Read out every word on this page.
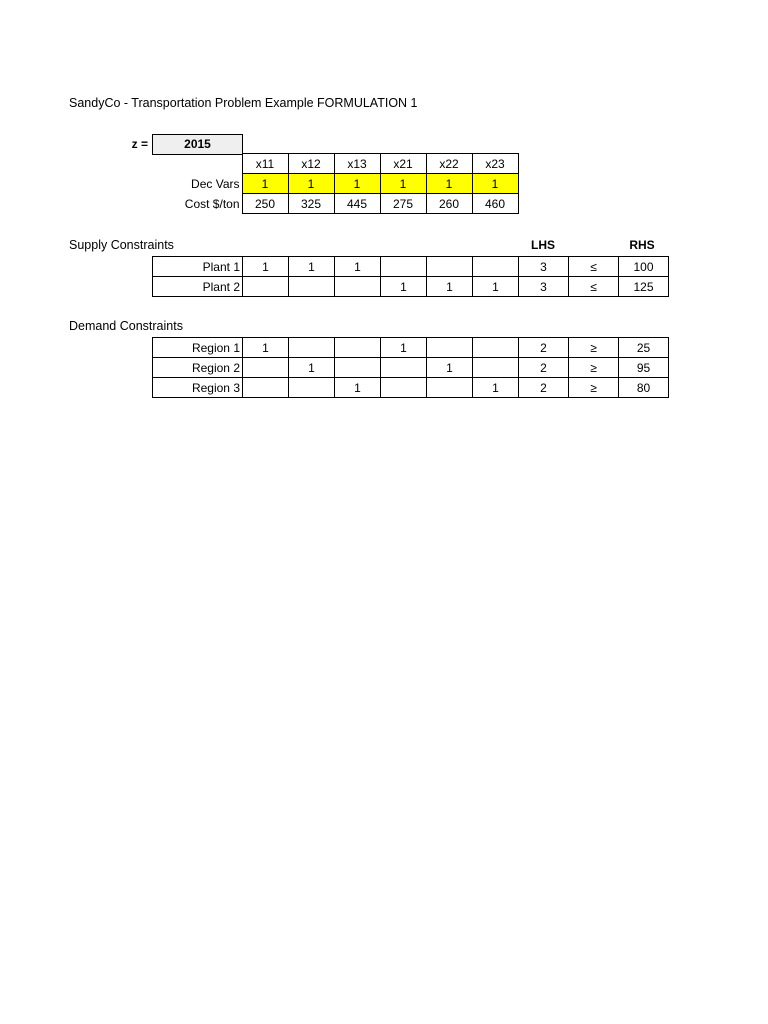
SandyCo - Transportation Problem Example FORMULATION 1
z =	2015
	x11	x12	x13	x21	x22	x23
Dec Vars	1	1	1	1	1	1
Cost $/ton	250	325	445	275	260	460
Supply Constraints	LHS	RHS
Plant 1	1	1	1				3	≤	100
Plant 2				1	1	1	3	≤	125
Demand Constraints
Region 1	1			1			2	≥	25
Region 2		1			1		2	≥	95
Region 3			1			1	2	≥	80
